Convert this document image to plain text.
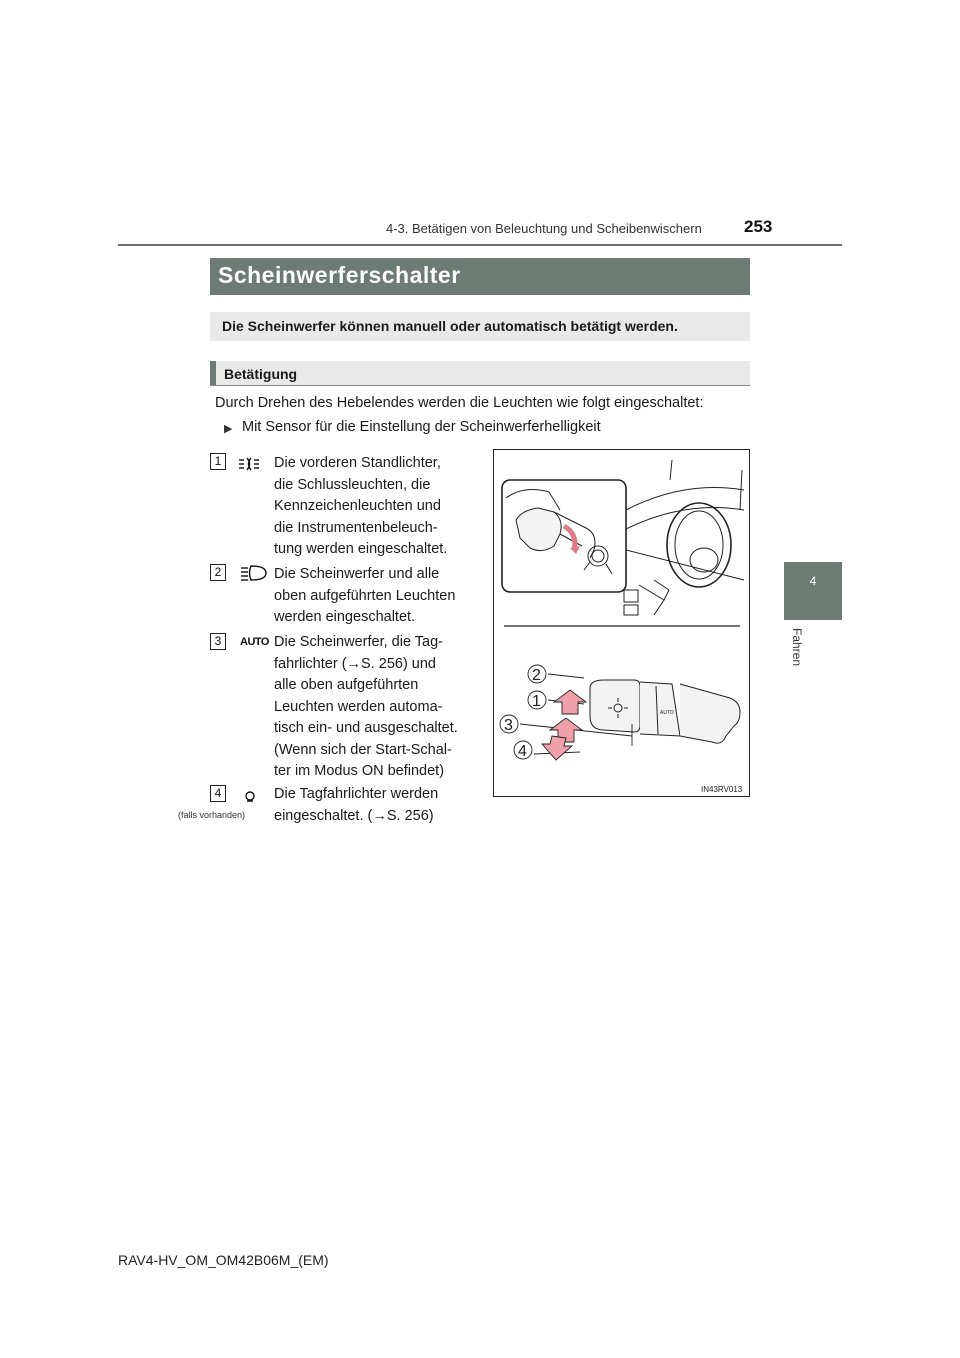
4-3. Betätigen von Beleuchtung und Scheibenwischern 253
4
Fahren
Scheinwerferschalter
Die Scheinwerfer können manuell oder automatisch betätigt werden.
Betätigung
Durch Drehen des Hebelendes werden die Leuchten wie folgt eingeschaltet:
▶ Mit Sensor für die Einstellung der Scheinwerferhelligkeit
1	Die vorderen Standlichter,
die Schlussleuchten, die
Kennzeichenleuchten und
die Instrumentenbeleuch-
tung werden eingeschaltet.
2	Die Scheinwerfer und alle
oben aufgeführten Leuchten
werden eingeschaltet.
3	AUTO Die Scheinwerfer, die Tag-
fahrlichter (→S. 256) und
alle oben aufgeführten
Leuchten werden automa-
tisch ein- und ausgeschaltet.
(Wenn sich der Start-Schal-
ter im Modus ON befindet)
4
(falls vorhanden)
Die Tagfahrlichter werden
eingeschaltet. (→S. 256)
AUTO
2
1
3
4
IN43RV013
RAV4-HV_OM_OM42B06M_(EM)
